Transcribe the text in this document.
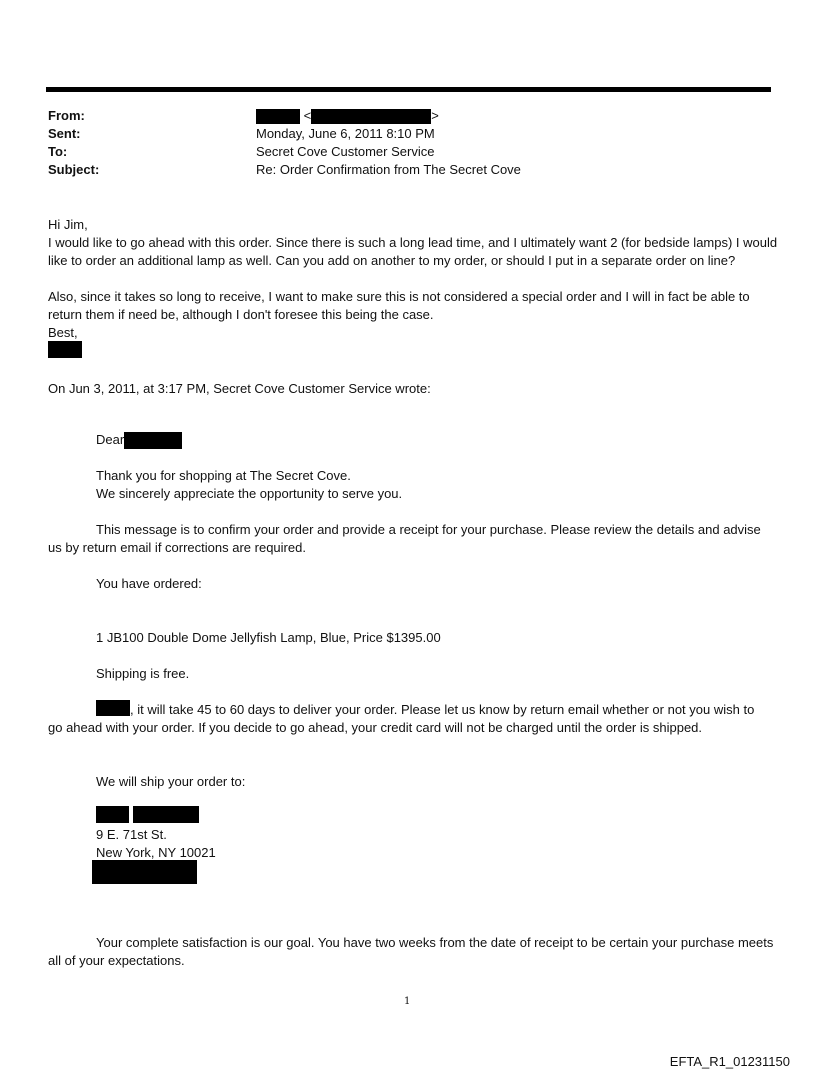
From:	<	>
Sent:	Monday, June 6, 2011 8:10 PM
To:	Secret Cove Customer Service
Subject:	Re: Order Confirmation from The Secret Cove
Hi Jim,
I would like to go ahead with this order. Since there is such a long lead time, and I ultimately want 2 (for bedside lamps) I would like to order an additional lamp as well. Can you add on another to my order, or should I put in a separate order on line?
Also, since it takes so long to receive, I want to make sure this is not considered a special order and I will in fact be able to return them if need be, although I don't foresee this being the case.
Best,
On Jun 3, 2011, at 3:17 PM, Secret Cove Customer Service wrote:
Dear
Thank you for shopping at The Secret Cove.
We sincerely appreciate the opportunity to serve you.
This message is to confirm your order and provide a receipt for your purchase. Please review the details and advise us by return email if corrections are required.
You have ordered:
1 JB100 Double Dome Jellyfish Lamp, Blue, Price $1395.00
Shipping is free.
, it will take 45 to 60 days to deliver your order. Please let us know by return email whether or not you wish to go ahead with your order. If you decide to go ahead, your credit card will not be charged until the order is shipped.
We will ship your order to:
9 E. 71st St.
New York, NY 10021
Your complete satisfaction is our goal. You have two weeks from the date of receipt to be certain your purchase meets all of your expectations.
1
EFTA_R1_01231150
